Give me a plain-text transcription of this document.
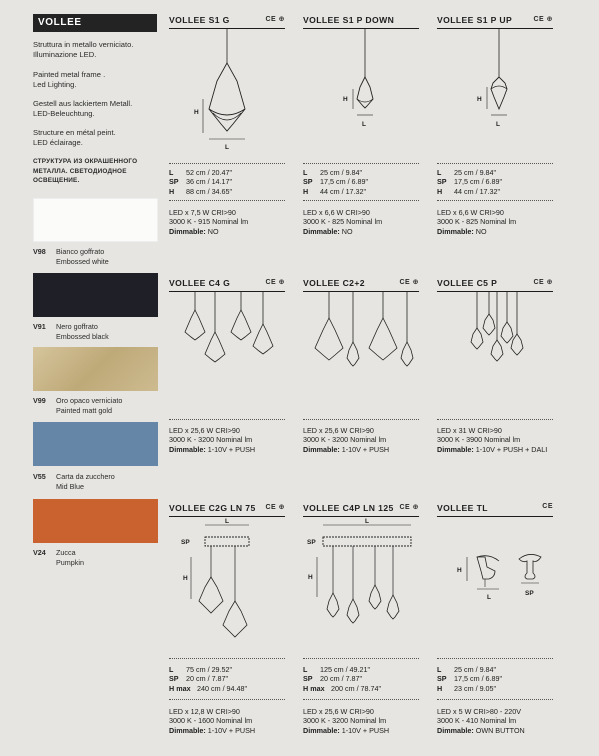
VOLLEE
Struttura in metallo verniciato.
Illuminazione LED.
Painted metal frame .
Led Lighting.
Gestell aus lackiertem Metall.
LED-Beleuchtung.
Structure en métal peint.
LED éclairage.
СТРУКТУРА ИЗ ОКРАШЕННОГО
МЕТАЛЛА. СВЕТОДИОДНОЕ
ОСВЕЩЕНИЕ.
V98 Bianco goffrato
Embossed white
V91 Nero goffrato
Embossed black
V99 Oro opaco verniciato
Painted matt gold
V55 Carta da zucchero
Mid Blue
V24 Zucca
Pumpkin
VOLLEE S1 G	CE ⊕
H
L
L	52 cm / 20.47"
SP	36 cm / 14.17"
H	88 cm / 34.65"
LED x 7,5 W CRI>90
3000 K - 915 Nominal lm
Dimmable: NO
VOLLEE S1 P DOWN
H
L
L	25 cm / 9.84"
SP	17,5 cm / 6.89"
H	44 cm / 17.32"
LED x 6,6 W CRI>90
3000 K - 825 Nominal lm
Dimmable: NO
VOLLEE S1 P UP	CE ⊕
H
L
L	25 cm / 9.84"
SP	17,5 cm / 6.89"
H	44 cm / 17.32"
LED x 6,6 W CRI>90
3000 K - 825 Nominal lm
Dimmable: NO
VOLLEE C4 G	CE ⊕
LED x 25,6 W CRI>90
3000 K - 3200 Nominal lm
Dimmable: 1-10V + PUSH
VOLLEE C2+2	CE ⊕
LED x 25,6 W CRI>90
3000 K - 3200 Nominal lm
Dimmable: 1-10V + PUSH
VOLLEE C5 P	CE ⊕
LED x 31 W CRI>90
3000 K - 3900 Nominal lm
Dimmable: 1-10V + PUSH + DALI
VOLLEE C2G LN 75	CE ⊕
L
SP
H
L	75 cm / 29.52"
SP	20 cm / 7.87"
H max 240 cm / 94.48"
LED x 12,8 W CRI>90
3000 K - 1600 Nominal lm
Dimmable: 1-10V + PUSH
VOLLEE C4P LN 125 CE ⊕
L
SP
H
L	125 cm / 49.21"
SP	20 cm / 7.87"
H max 200 cm / 78.74"
LED x 25,6 W CRI>90
3000 K - 3200 Nominal lm
Dimmable: 1-10V + PUSH
VOLLEE TL	CE
H
L
SP
L	25 cm / 9.84"
SP	17,5 cm / 6.89"
H	23 cm / 9.05"
LED x 5 W CRI>80 - 220V
3000 K - 410 Nominal lm
Dimmable: OWN BUTTON
